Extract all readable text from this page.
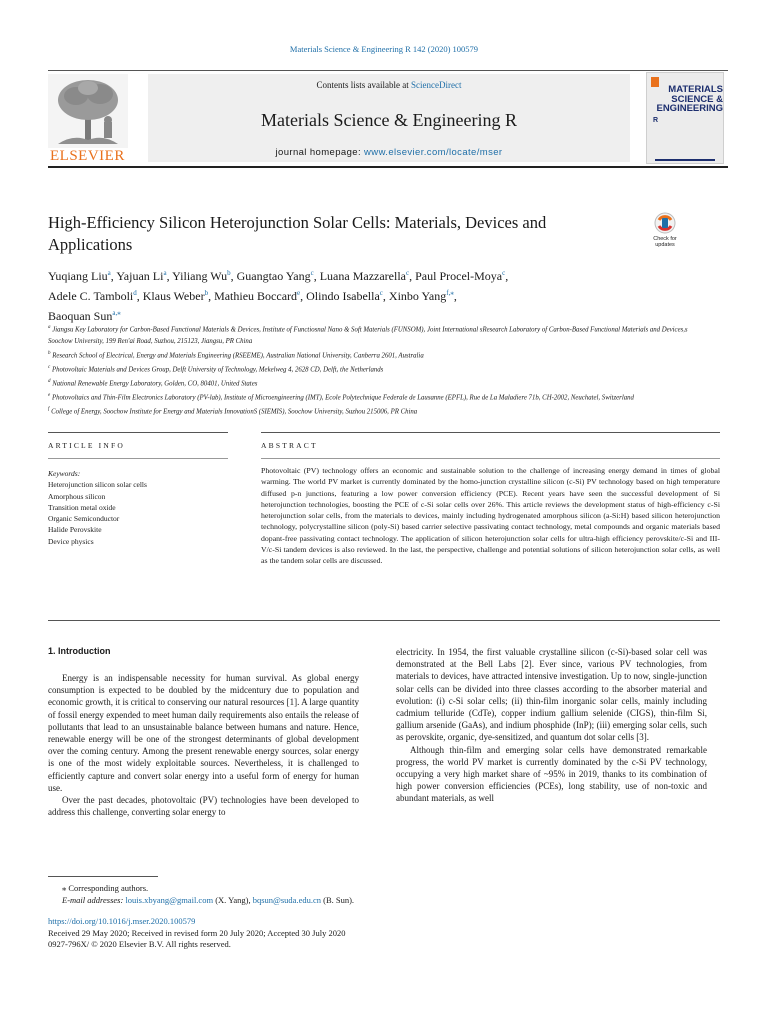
Materials Science & Engineering R 142 (2020) 100579
ELSEVIER
Contents lists available at ScienceDirect
Materials Science & Engineering R
journal homepage: www.elsevier.com/locate/mser
MATERIALS
SCIENCE &
ENGINEERING
R
High-Efficiency Silicon Heterojunction Solar Cells: Materials, Devices and Applications	Check for updates
Yuqiang Liu$^a$, Yajuan Li$^a$, Yiliang Wu$^b$, Guangtao Yang$^c$, Luana Mazzarella$^c$, Paul Procel-Moya$^c$,
Adele C. Tamboli$^d$, Klaus Weber$^b$, Mathieu Boccard$^e$, Olindo Isabella$^c$, Xinbo Yang$^{f,⁎}$,
Baoquan Sun$^{a,⁎}$
$^a$ Jiangsu Key Laboratory for Carbon-Based Functional Materials & Devices, Institute of Functiosnal Nano & Soft Materials (FUNSOM), Joint International sResearch Laboratory of Carbon-Based Functional Materials and Devices,s Soochow University, 199 Ren'ai Road, Suzhou, 215123, Jiangsu, PR China
$^b$ Research School of Electrical, Energy and Materials Engineering (RSEEME), Australian National University, Canberra 2601, Australia
$^c$ Photovoltaic Materials and Devices Group, Delft University of Technology, Mekelweg 4, 2628 CD, Delft, the Netherlands
$^d$ National Renewable Energy Laboratory, Golden, CO, 80401, United States
$^e$ Photovoltaics and Thin-Film Electronics Laboratory (PV-lab), Institute of Microengineering (IMT), Ecole Polytechnique Federale de Lausanne (EPFL), Rue de La Maladiere 71b, CH-2002, Neuchatel, Switzerland
$^f$ College of Energy, Soochow Institute for Energy and Materials InnovationS (SIEMIS), Soochow University, Suzhou 215006, PR China
ARTICLE INFO	ABSTRACT
Keywords:
Heterojunction silicon solar cells
Amorphous silicon
Transition metal oxide
Organic Semiconductor
Halide Perovskite
Device physics
Photovoltaic (PV) technology offers an economic and sustainable solution to the challenge of increasing energy demand in times of global warming. The world PV market is currently dominated by the homo-junction crystalline silicon (c-Si) PV technology based on high temperature diffused p-n junctions, featuring a low power conversion efficiency (PCE). Recent years have seen the successful development of Si heterojunction technologies, boosting the PCE of c-Si solar cells over 26%. This article reviews the development status of high-efficiency c-Si heterojunction solar cells, from the materials to devices, mainly including hydrogenated amorphous silicon (a-Si:H) based silicon heterojunction technology, polycrystalline silicon (poly-Si) based carrier selective passivating contact technology, metal compounds and organic materials based dopant-free passivating contact technology. The application of silicon heterojunction solar cells for ultra-high efficiency perovskite/c-Si and III-V/c-Si tandem devices is also reviewed. In the last, the perspective, challenge and potential solutions of silicon heterojunction solar cells, as well as the tandem solar cells are discussed.
1. Introduction

Energy is an indispensable necessity for human survival. As global energy consumption is expected to be doubled by the midcentury due to population and economic growth, it is critical to conserving our natural resources [1]. A large quantity of fossil energy expended to meet human daily requirements also entails the release of pollutants that lead to an unsustainable balance between humans and nature. Hence, renewable energy will be one of the strongest determinants of global development over the coming century. Among the present renewable energy sources, solar energy is one of the most widely exploitable sources. Nevertheless, it is challenged to efficiently capture and convert solar energy into a useful form of energy for human use.

Over the past decades, photovoltaic (PV) technologies have been developed to address this challenge, converting solar energy to

electricity. In 1954, the first valuable crystalline silicon (c-Si)-based solar cell was demonstrated at the Bell Labs [2]. Ever since, various PV technologies, from materials to devices, have attracted intensive investigation. Up to now, single-junction solar cells can be divided into three classes according to the absorber material and evolution: (i) c-Si solar cells; (ii) thin-film inorganic solar cells, mainly including cadmium telluride (CdTe), copper indium gallium selenide (CIGS), thin-film Si, gallium arsenide (GaAs), and indium phosphide (InP); (iii) emerging solar cells, such as perovskite, organic, dye-sensitized, and quantum dot solar cells [3].

Although thin-film and emerging solar cells have demonstrated remarkable progress, the world PV market is currently dominated by the c-Si PV technology, occupying a very high market share of ~95% in 2019, thanks to its combination of high power conversion efficiencies (PCEs), long stability, use of non-toxic and abundant materials, as well

⁎ Corresponding authors.
E-mail addresses: louis.xbyang@gmail.com (X. Yang), bqsun@suda.edu.cn (B. Sun).
https://doi.org/10.1016/j.mser.2020.100579
Received 29 May 2020; Received in revised form 20 July 2020; Accepted 30 July 2020
0927-796X/ © 2020 Elsevier B.V. All rights reserved.
